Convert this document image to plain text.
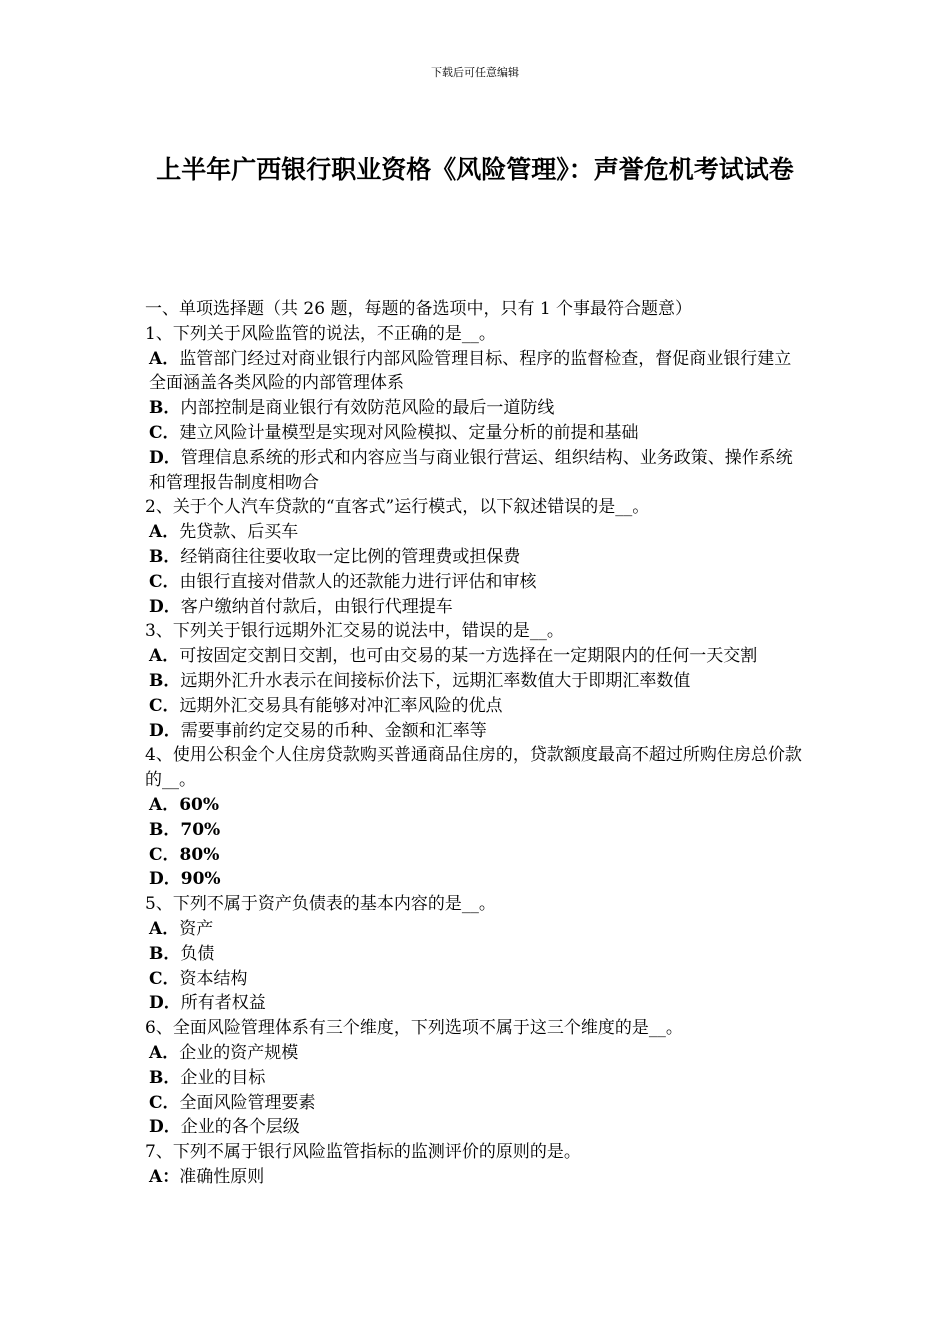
下载后可任意编辑
上半年广西银行职业资格《风险管理》：声誉危机考试试卷

一、单项选择题（共 26 题，每题的备选项中，只有 1 个事最符合题意）

1、下列关于风险监管的说法，不正确的是__。

A．监管部门经过对商业银行内部风险管理目标、程序的监督检查，督促商业银行建立全面涵盖各类风险的内部管理体系

B．内部控制是商业银行有效防范风险的最后一道防线

C．建立风险计量模型是实现对风险模拟、定量分析的前提和基础

D．管理信息系统的形式和内容应当与商业银行营运、组织结构、业务政策、操作系统和管理报告制度相吻合

2、关于个人汽车贷款的“直客式”运行模式，以下叙述错误的是__。

A．先贷款、后买车

B．经销商往往要收取一定比例的管理费或担保费

C．由银行直接对借款人的还款能力进行评估和审核

D．客户缴纳首付款后，由银行代理提车

3、下列关于银行远期外汇交易的说法中，错误的是__。

A．可按固定交割日交割，也可由交易的某一方选择在一定期限内的任何一天交割

B．远期外汇升水表示在间接标价法下，远期汇率数值大于即期汇率数值

C．远期外汇交易具有能够对冲汇率风险的优点

D．需要事前约定交易的币种、金额和汇率等

4、使用公积金个人住房贷款购买普通商品住房的，贷款额度最高不超过所购住房总价款的__。

A．60%

B．70%

C．80%

D．90%

5、下列不属于资产负债表的基本内容的是__。

A．资产

B．负债

C．资本结构

D．所有者权益

6、全面风险管理体系有三个维度，下列选项不属于这三个维度的是__。

A．企业的资产规模

B．企业的目标

C．全面风险管理要素

D．企业的各个层级

7、下列不属于银行风险监管指标的监测评价的原则的是。

A：准确性原则
